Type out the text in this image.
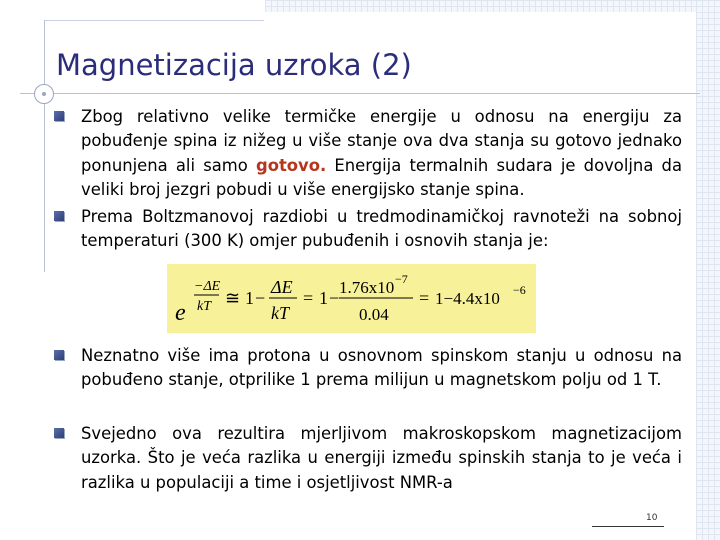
Magnetizacija uzroka (2)
Zbog relativno velike termičke energije u odnosu na energiju za pobuđenje spina iz nižeg u više stanje ova dva stanja su gotovo jednako ponunjena ali samo gotovo. Energija termalnih sudara je dovoljna da veliki broj jezgri pobudi u više energijsko stanje spina.
Prema Boltzmanovoj razdiobi u tredmodinamičkoj ravnoteži na sobnoj temperaturi (300 K) omjer pubuđenih i osnovih stanja je:
e
−ΔE
kT ≅ 1 −
ΔE
kT
= 1 −
1.76x10 −7
0.04
= 1−4.4x10 −6
Neznatno više ima protona u osnovnom spinskom stanju u odnosu na pobuđeno stanje, otprilike 1 prema milijun u magnetskom polju od 1 T.
Svejedno ova rezultira mjerljivom makroskopskom magnetizacijom uzorka. Što je veća razlika u energiji između spinskih stanja to je veća i razlika u populaciji a time i osjetljivost NMR-a
10
